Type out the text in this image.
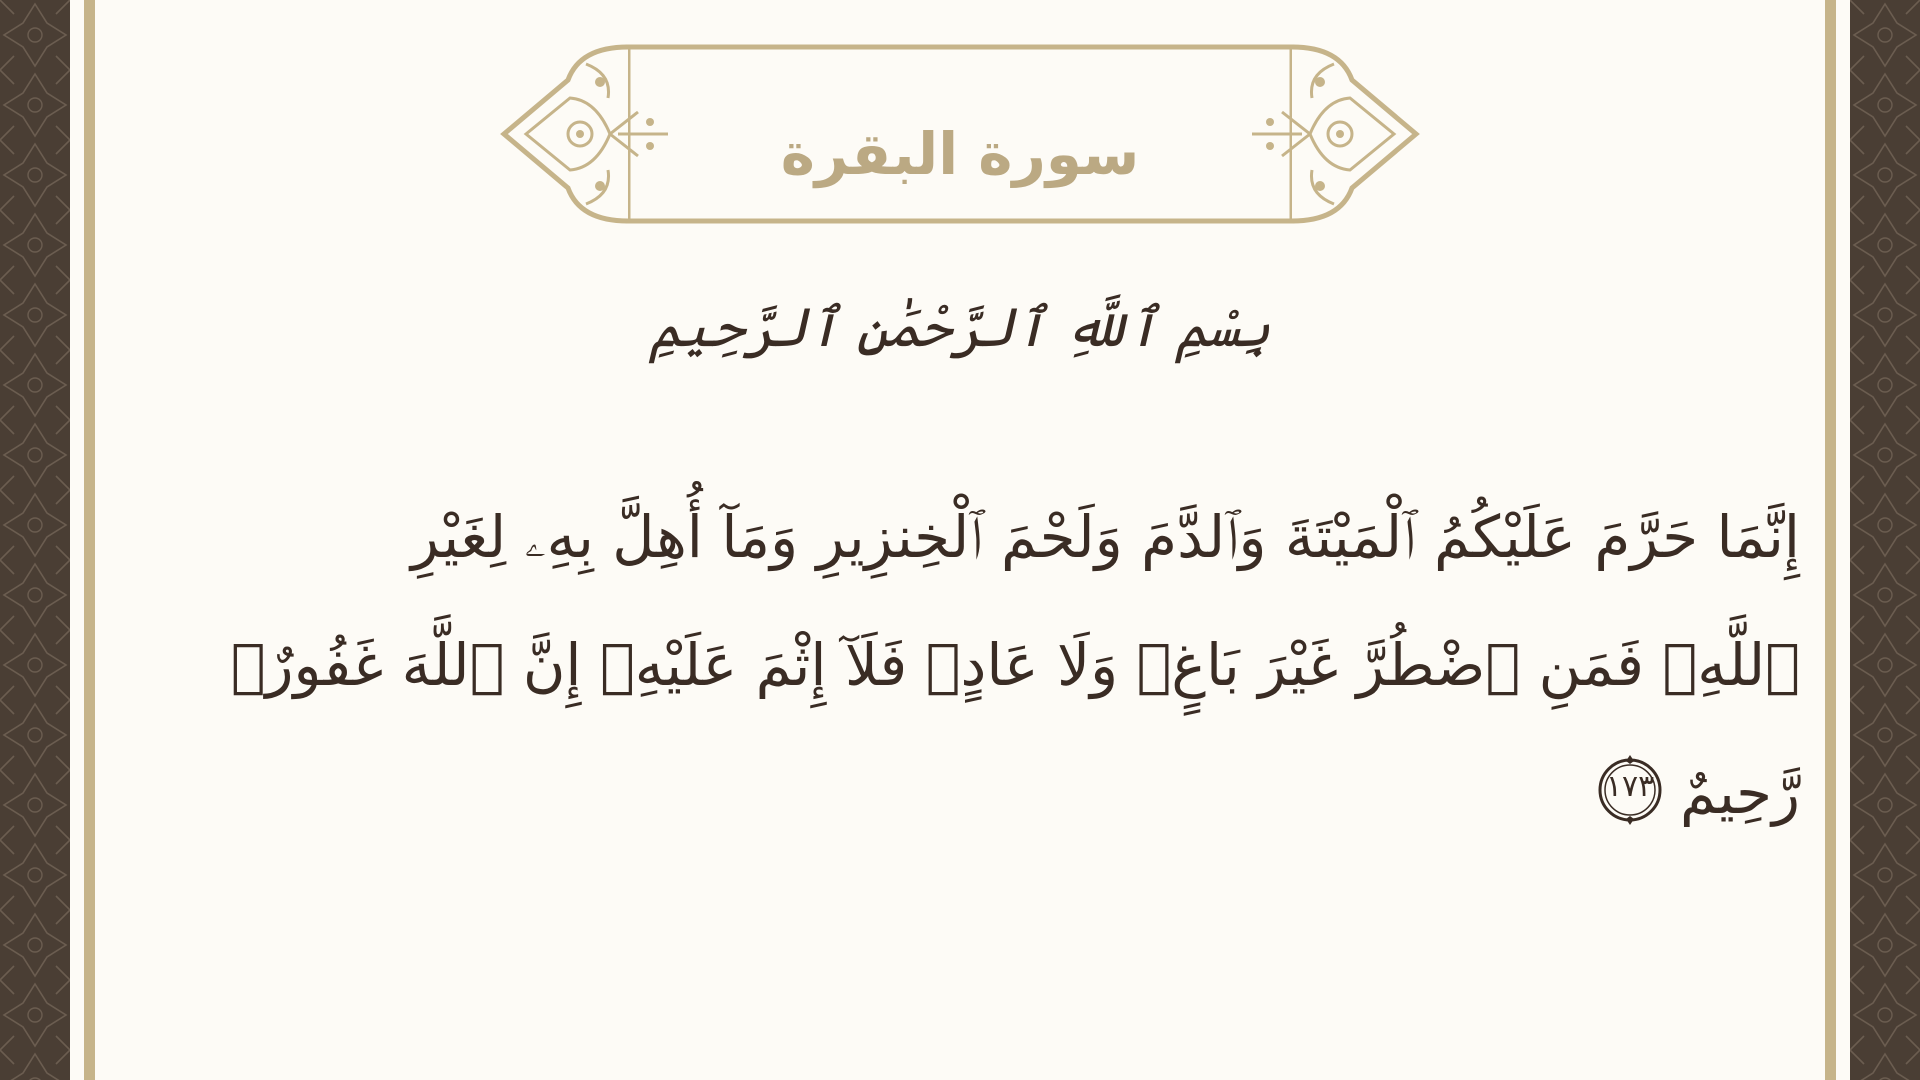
سورة البقرة
بِسْمِ ٱللَّهِ ٱلرَّحْمَٰنِ ٱلرَّحِيمِ
إِنَّمَا حَرَّمَ عَلَيْكُمُ ٱلْمَيْتَةَ وَٱلدَّمَ وَلَحْمَ ٱلْخِنزِيرِ وَمَآ أُهِلَّ بِهِۦ لِغَيْرِ
ٱللَّهِۖ فَمَنِ ٱضْطُرَّ غَيْرَ بَاغٍۢ وَلَا عَادٍۢ فَلَآ إِثْمَ عَلَيْهِۚ إِنَّ ٱللَّهَ غَفُورٌۭ
رَّحِيمٌ
١٧٣
